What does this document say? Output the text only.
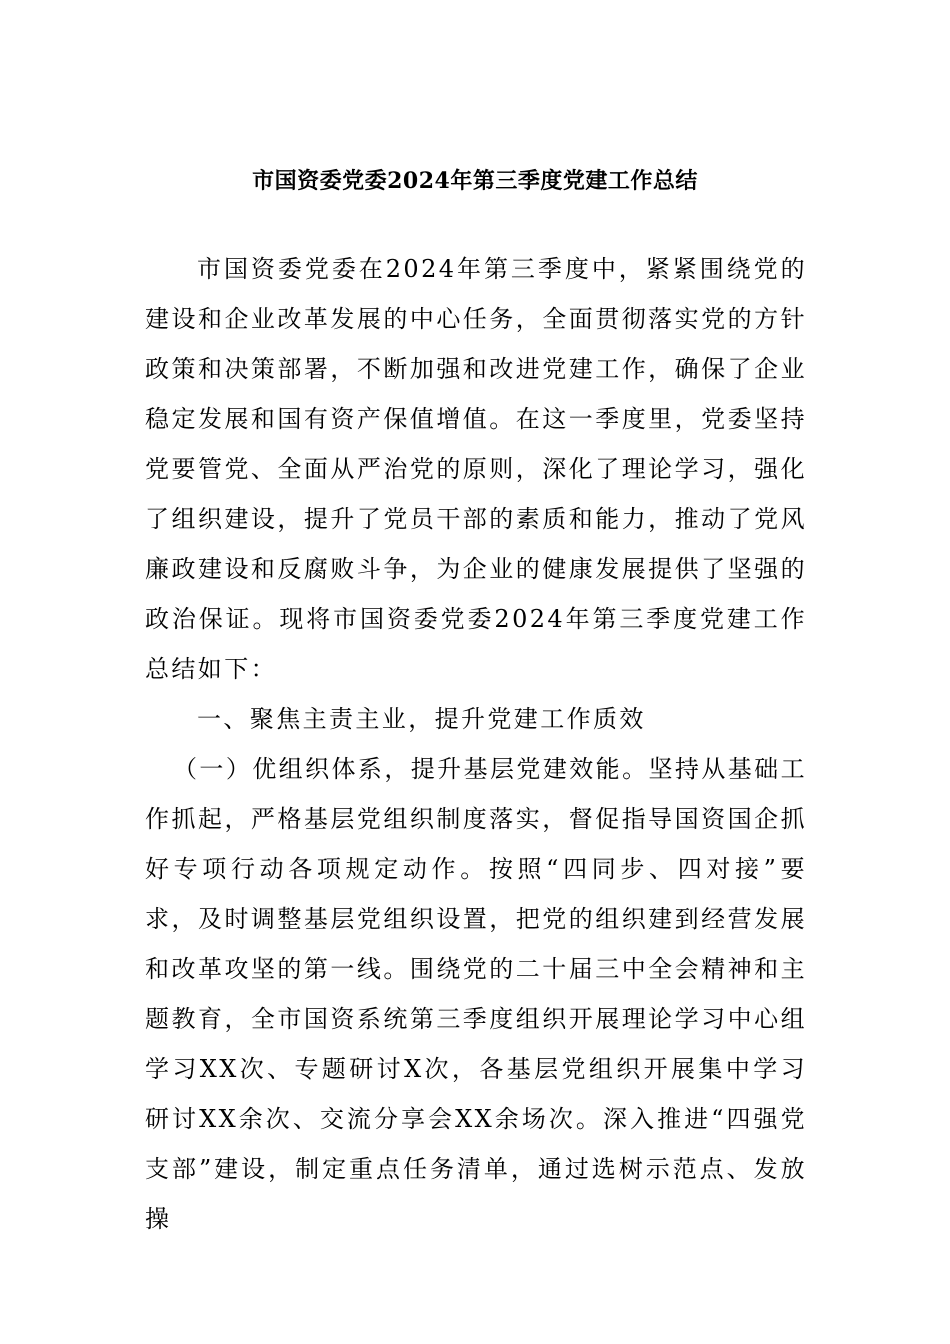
市国资委党委2024年第三季度党建工作总结

市国资委党委在2024年第三季度中，紧紧围绕党的建设和企业改革发展的中心任务，全面贯彻落实党的方针政策和决策部署，不断加强和改进党建工作，确保了企业稳定发展和国有资产保值增值。在这一季度里，党委坚持党要管党、全面从严治党的原则，深化了理论学习，强化了组织建设，提升了党员干部的素质和能力，推动了党风廉政建设和反腐败斗争，为企业的健康发展提供了坚强的政治保证。现将市国资委党委2024年第三季度党建工作总结如下：

一、聚焦主责主业，提升党建工作质效

（一）优组织体系，提升基层党建效能。坚持从基础工作抓起，严格基层党组织制度落实，督促指导国资国企抓好专项行动各项规定动作。按照“四同步、四对接”要求，及时调整基层党组织设置，把党的组织建到经营发展和改革攻坚的第一线。围绕党的二十届三中全会精神和主题教育，全市国资系统第三季度组织开展理论学习中心组学习XX次、专题研讨X次，各基层党组织开展集中学习研讨XX余次、交流分享会XX余场次。深入推进“四强党支部”建设，制定重点任务清单，通过选树示范点、发放操
